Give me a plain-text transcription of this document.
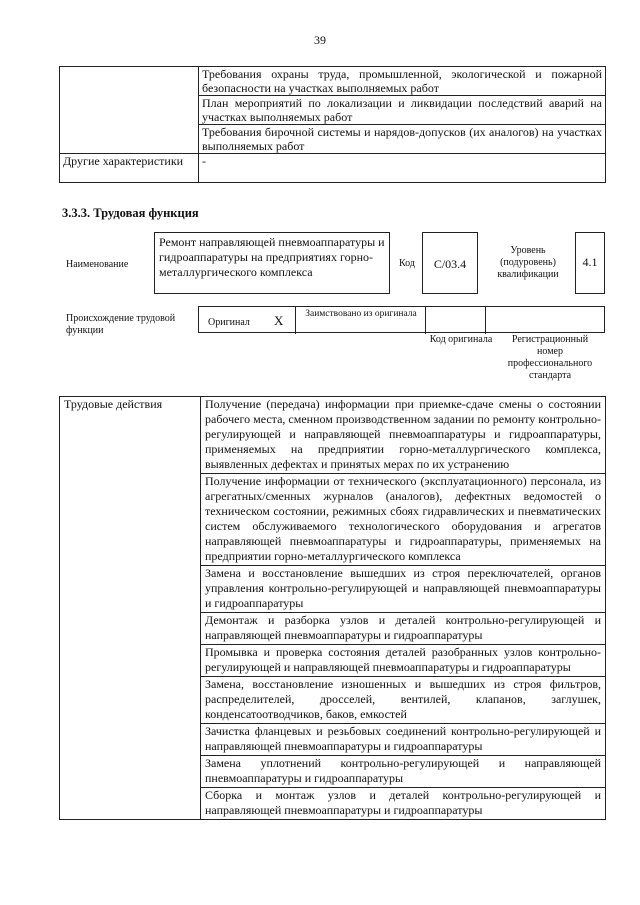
39
	Требования охраны труда, промышленной, экологической и пожарной безопасности на участках выполняемых работ
	План мероприятий по локализации и ликвидации последствий аварий на участках выполняемых работ
	Требования бирочной системы и нарядов-допусков (их аналогов) на участках выполняемых работ
Другие характеристики	-
3.3.3. Трудовая функция
Наименование
Ремонт направляющей пневмоаппаратуры и гидроаппаратуры на предприятиях горно-металлургического комплекса
Код	C/03.4
Уровень (подуровень) квалификации
4.1
Происхождение трудовой функции
Оригинал X	Заимствовано из оригинала
Код оригинала	Регистрационный номер профессионального стандарта
Трудовые действия	Получение (передача) информации при приемке-сдаче смены о состоянии рабочего места, сменном производственном задании по ремонту контрольно-регулирующей и направляющей пневмоаппаратуры и гидроаппаратуры, применяемых на предприятии горно-металлургического комплекса, выявленных дефектах и принятых мерах по их устранению
Получение информации от технического (эксплуатационного) персонала, из агрегатных/сменных журналов (аналогов), дефектных ведомостей о техническом состоянии, режимных сбоях гидравлических и пневматических систем обслуживаемого технологического оборудования и агрегатов направляющей пневмоаппаратуры и гидроаппаратуры, применяемых на предприятии горно-металлургического комплекса
Замена и восстановление вышедших из строя переключателей, органов управления контрольно-регулирующей и направляющей пневмоаппаратуры и гидроаппаратуры
Демонтаж и разборка узлов и деталей контрольно-регулирующей и направляющей пневмоаппаратуры и гидроаппаратуры
Промывка и проверка состояния деталей разобранных узлов контрольно-регулирующей и направляющей пневмоаппаратуры и гидроаппаратуры
Замена, восстановление изношенных и вышедших из строя фильтров, распределителей, дросселей, вентилей, клапанов, заглушек, конденсатоотводчиков, баков, емкостей
Зачистка фланцевых и резьбовых соединений контрольно-регулирующей и направляющей пневмоаппаратуры и гидроаппаратуры
Замена уплотнений контрольно-регулирующей и направляющей пневмоаппаратуры и гидроаппаратуры
Сборка и монтаж узлов и деталей контрольно-регулирующей и направляющей пневмоаппаратуры и гидроаппаратуры
